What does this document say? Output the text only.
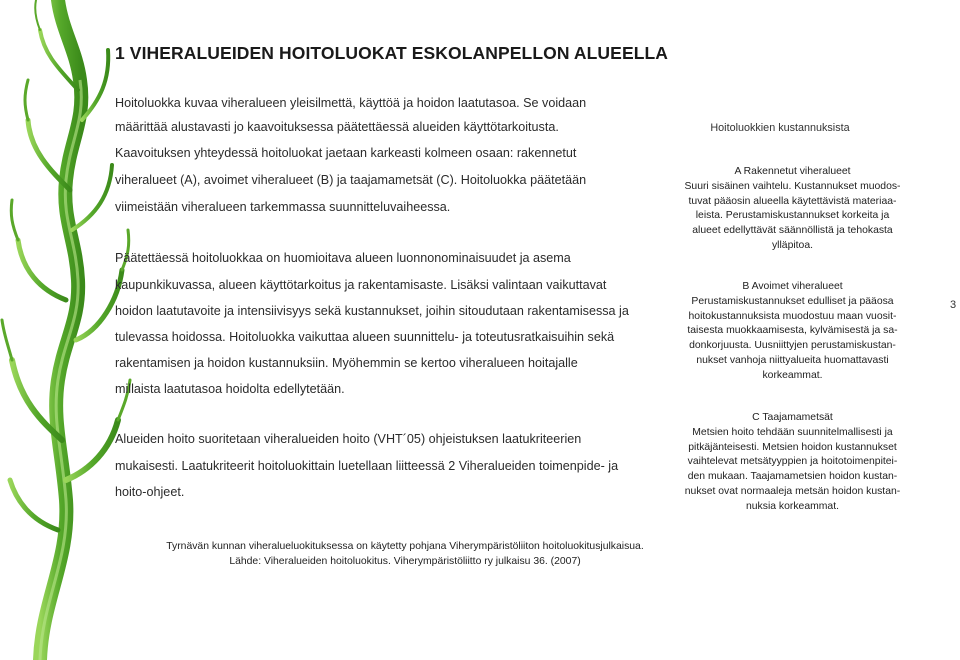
1 VIHERALUEIDEN HOITOLUOKAT ESKOLANPELLON ALUEELLA
Hoitoluokka kuvaa viheralueen yleisilmettä, käyttöä ja hoidon laatutasoa. Se voidaan
määrittää alustavasti jo kaavoituksessa päätettäessä alueiden käyttötarkoitusta.
Kaavoituksen yhteydessä hoitoluokat jaetaan karkeasti kolmeen osaan: rakennetut
viheralueet (A), avoimet viheralueet (B) ja taajamametsät (C). Hoitoluokka päätetään
viimeistään viheralueen tarkemmassa suunnitteluvaiheessa.
Päätettäessä hoitoluokkaa on huomioitava alueen luonnonominaisuudet ja asema
kaupunkikuvassa, alueen käyttötarkoitus ja rakentamisaste. Lisäksi valintaan vaikuttavat
hoidon laatutavoite ja intensiivisyys sekä kustannukset, joihin sitoudutaan rakentamisessa ja
tulevassa hoidossa. Hoitoluokka vaikuttaa alueen suunnittelu- ja toteutusratkaisuihin sekä
rakentamisen ja hoidon kustannuksiin. Myöhemmin se kertoo viheralueen hoitajalle
millaista laatutasoa hoidolta edellytetään.
Alueiden hoito suoritetaan viheralueiden hoito (VHT´05) ohjeistuksen laatukriteerien
mukaisesti. Laatukriteerit hoitoluokittain luetellaan liitteessä 2 Viheralueiden toimenpide- ja
hoito-ohjeet.
Hoitoluokkien kustannuksista
A Rakennetut viheralueet
Suuri sisäinen vaihtelu. Kustannukset muodos-
tuvat pääosin alueella käytettävistä materiaa-
leista. Perustamiskustannukset korkeita ja
alueet edellyttävät säännöllistä ja tehokasta
ylläpitoa.
B Avoimet viheralueet
Perustamiskustannukset edulliset ja pääosa
hoitokustannuksista muodostuu maan vuosit-
taisesta muokkaamisesta, kylvämisestä ja sa-
donkorjuusta. Uusniittyjen perustamiskustan-
nukset vanhoja niittyalueita huomattavasti
korkeammat.
C Taajamametsät
Metsien hoito tehdään suunnitelmallisesti ja
pitkäjänteisesti. Metsien hoidon kustannukset
vaihtelevat metsätyyppien ja hoitotoimenpitei-
den mukaan. Taajamametsien hoidon kustan-
nukset ovat normaaleja metsän hoidon kustan-
nuksia korkeammat.
3
Tyrnävän kunnan viheralueluokituksessa on käytetty pohjana Viherympäristöliiton hoitoluokitusjulkaisua.
Lähde: Viheralueiden hoitoluokitus. Viherympäristöliitto ry julkaisu 36. (2007)
